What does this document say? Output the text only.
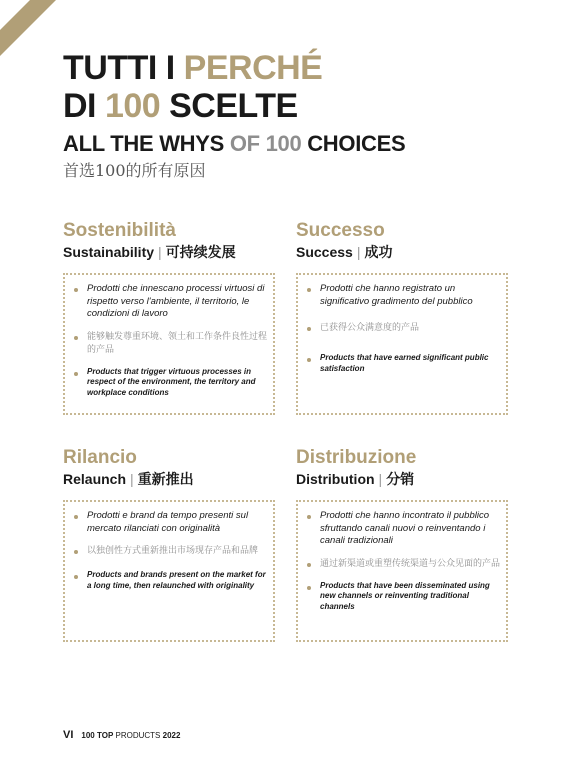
TUTTI I PERCHÉ
DI 100 SCELTE
ALL THE WHYS OF 100 CHOICES
首选100的所有原因
Sostenibilità
Sustainability | 可持续发展
Prodotti che innescano processi virtuosi di rispetto verso l'ambiente, il territorio, le condizioni di lavoro
能够触发尊重环境、领土和工作条件良性过程的产品
Products that trigger virtuous processes in respect of the environment, the territory and workplace conditions
Successo
Success | 成功
Prodotti che hanno registrato un significativo gradimento del pubblico
已获得公众满意度的产品
Products that have earned significant public satisfaction
Rilancio
Relaunch | 重新推出
Prodotti e brand da tempo presenti sul mercato rilanciati con originalità
以独创性方式重新推出市场现存产品和品牌
Products and brands present on the market for a long time, then relaunched with originality
Distribuzione
Distribution | 分销
Prodotti che hanno incontrato il pubblico sfruttando canali nuovi o reinventando i canali tradizionali
通过新渠道或重塑传统渠道与公众见面的产品
Products that have been disseminated using new channels or reinventing traditional channels
VI 100 TOP PRODUCTS 2022
